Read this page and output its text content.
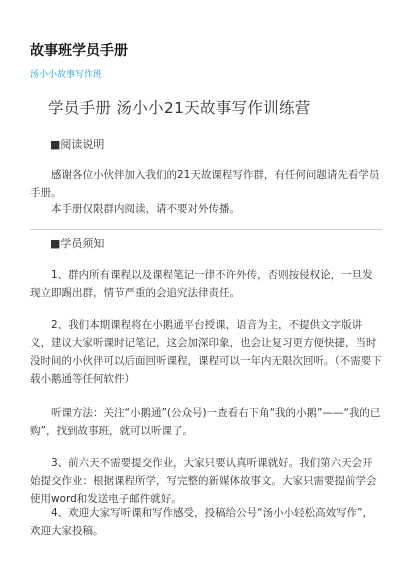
故事班学员手册
汤小小故事写作班
学员手册 汤小小21天故事写作训练营
■阅读说明

感谢各位小伙伴加入我们的21天故课程写作群，有任何问题请先看学员手册。

本手册仅限群内阅读，请不要对外传播。

■学员须知

1、群内所有课程以及课程笔记一律不许外传，否则按侵权论，一旦发现立即踢出群，情节严重的会追究法律责任。

2、我们本期课程将在小鹅通平台授课，语音为主，不提供文字版讲义，建议大家听课时记笔记，这会加深印象，也会让复习更方便快捷，当时没时间的小伙伴可以后面回听课程，课程可以一年内无限次回听。（不需要下载小鹅通等任何软件）

听课方法：关注“小鹅通”(公众号)一查看右下角“我的小鹅”——“我的已购”，找到故事班，就可以听课了。

3、前六天不需要提交作业，大家只要认真听课就好。我们第六天会开始提交作业：根据课程所学，写完整的新媒体故事文。大家只需要提前学会使用word和发送电子邮件就好。

4、欢迎大家写听课和写作感受，投稿给公号“汤小小轻松高效写作”，欢迎大家投稿。
